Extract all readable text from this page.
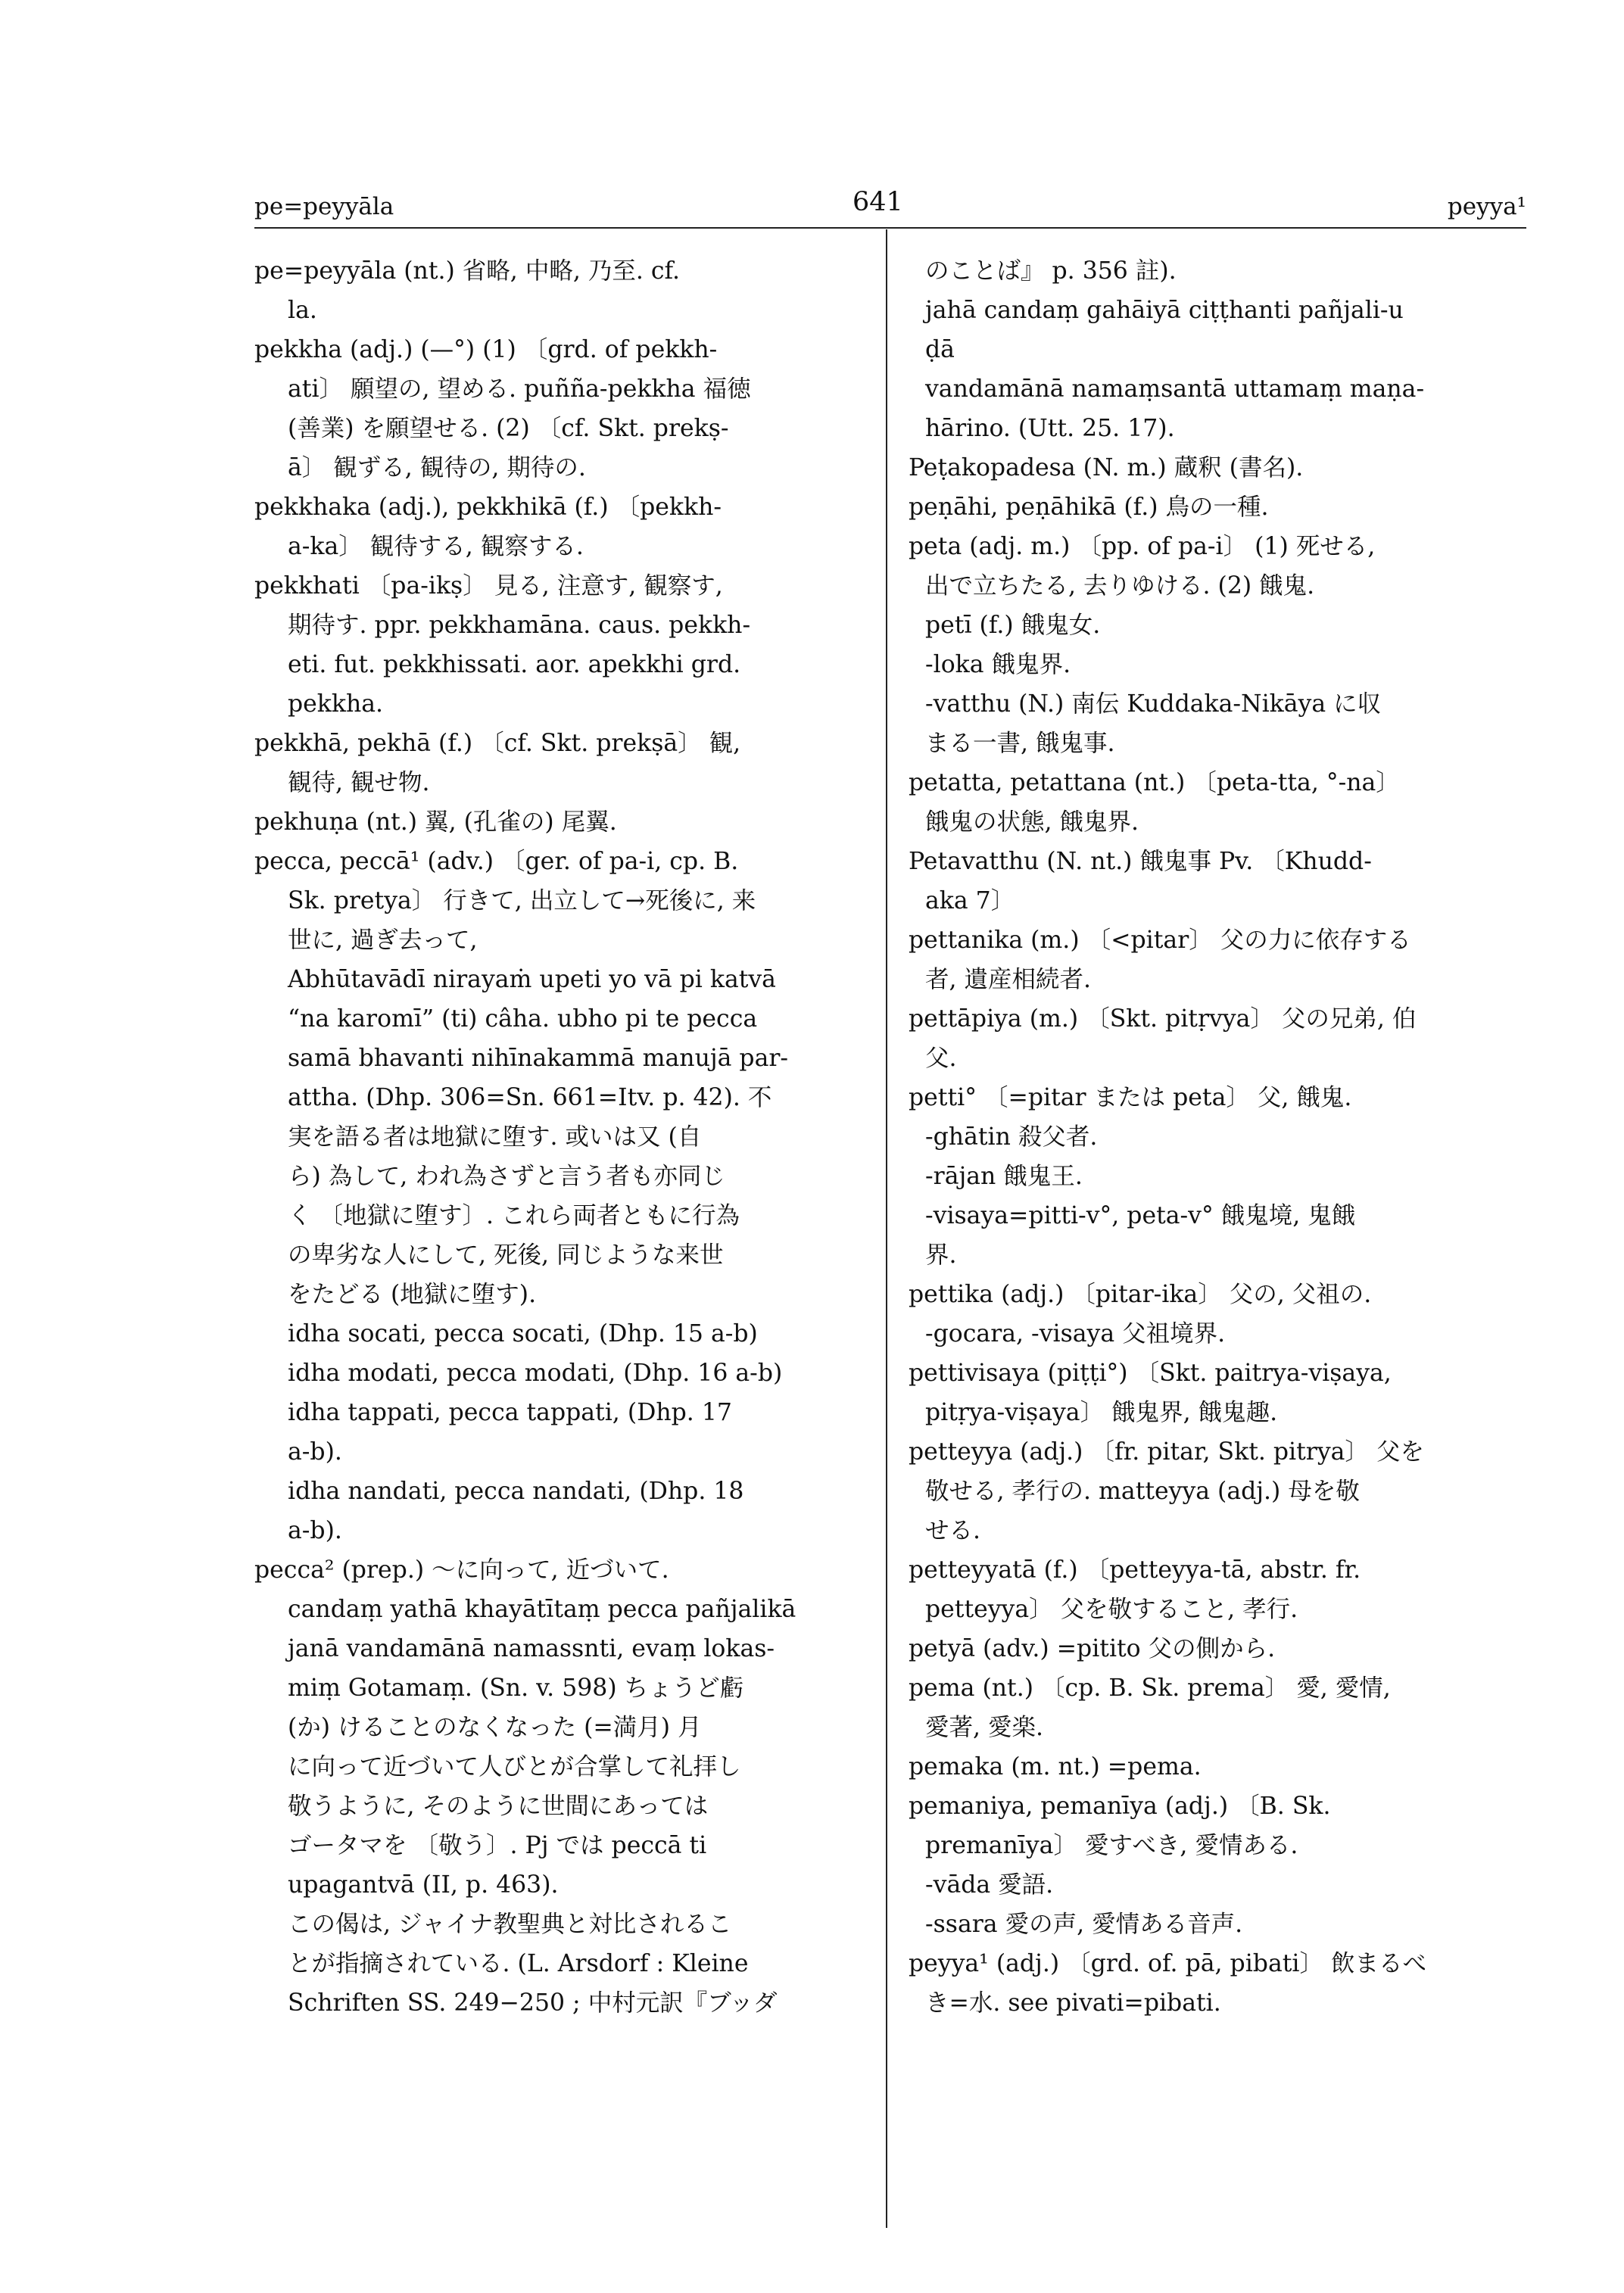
pe=peyyāla	641	peyya¹
pe=peyyāla (nt.) 省略, 中略, 乃至. cf.
la.
pekkha (adj.) (—°) (1) 〔grd. of pekkh-
ati〕 願望の, 望める. puñña-pekkha 福徳
(善業) を願望せる. (2) 〔cf. Skt. prekṣ-
ā〕 観ずる, 観待の, 期待の.
pekkhaka (adj.), pekkhikā (f.) 〔pekkh-
a-ka〕 観待する, 観察する.
pekkhati 〔pa-ikṣ〕 見る, 注意す, 観察す,
期待す. ppr. pekkhamāna. caus. pekkh-
eti. fut. pekkhissati. aor. apekkhi grd.
pekkha.
pekkhā, pekhā (f.) 〔cf. Skt. prekṣā〕 観,
観待, 観せ物.
pekhuṇa (nt.) 翼, (孔雀の) 尾翼.
pecca, peccā¹ (adv.) 〔ger. of pa-i, cp. B.
Sk. pretya〕 行きて, 出立して→死後に, 来
世に, 過ぎ去って,
Abhūtavādī nirayaṁ upeti yo vā pi katvā
“na karomī” (ti) câha. ubho pi te pecca
samā bhavanti nihīnakammā manujā par-
attha. (Dhp. 306=Sn. 661=Itv. p. 42). 不
実を語る者は地獄に堕す. 或いは又 (自
ら) 為して, われ為さずと言う者も亦同じ
く 〔地獄に堕す〕. これら両者ともに行為
の卑劣な人にして, 死後, 同じような来世
をたどる (地獄に堕す).
idha socati, pecca socati, (Dhp. 15 a-b)
idha modati, pecca modati, (Dhp. 16 a-b)
idha tappati, pecca tappati, (Dhp. 17
a-b).
idha nandati, pecca nandati, (Dhp. 18
a-b).
pecca² (prep.) ～に向って, 近づいて.
candaṃ yathā khayātītaṃ pecca pañjalikā
janā vandamānā namassnti, evaṃ lokas-
miṃ Gotamaṃ. (Sn. v. 598) ちょうど虧
(か) けることのなくなった (=満月) 月
に向って近づいて人びとが合掌して礼拝し
敬うように, そのように世間にあっては
ゴータマを 〔敬う〕. Pj では peccā ti
upagantvā (II, p. 463).
この偈は, ジャイナ教聖典と対比されるこ
とが指摘されている. (L. Arsdorf : Kleine
Schriften SS. 249−250 ; 中村元訳『ブッダ
のことば』 p. 356 註).
jahā candaṃ gahāiyā ciṭṭhanti pañjali-u
ḍā
vandamānā namaṃsantā uttamaṃ maṇa-
hārino. (Utt. 25. 17).
Peṭakopadesa (N. m.) 蔵釈 (書名).
peṇāhi, peṇāhikā (f.) 鳥の一種.
peta (adj. m.) 〔pp. of pa-i〕 (1) 死せる,
出で立ちたる, 去りゆける. (2) 餓鬼.
petī (f.) 餓鬼女.
-loka 餓鬼界.
-vatthu (N.) 南伝 Kuddaka-Nikāya に収
まる一書, 餓鬼事.
petatta, petattana (nt.) 〔peta-tta, °-na〕
餓鬼の状態, 餓鬼界.
Petavatthu (N. nt.) 餓鬼事 Pv. 〔Khudd-
aka 7〕
pettanika (m.) 〔<pitar〕 父の力に依存する
者, 遺産相続者.
pettāpiya (m.) 〔Skt. pitṛvya〕 父の兄弟, 伯
父.
petti° 〔=pitar または peta〕 父, 餓鬼.
-ghātin 殺父者.
-rājan 餓鬼王.
-visaya=pitti-v°, peta-v° 餓鬼境, 鬼餓
界.
pettika (adj.) 〔pitar-ika〕 父の, 父祖の.
-gocara, -visaya 父祖境界.
pettivisaya (piṭṭi°) 〔Skt. paitrya-viṣaya,
pitṛya-viṣaya〕 餓鬼界, 餓鬼趣.
petteyya (adj.) 〔fr. pitar, Skt. pitrya〕 父を
敬せる, 孝行の. matteyya (adj.) 母を敬
せる.
petteyyatā (f.) 〔petteyya-tā, abstr. fr.
petteyya〕 父を敬すること, 孝行.
petyā (adv.) =pitito 父の側から.
pema (nt.) 〔cp. B. Sk. prema〕 愛, 愛情,
愛著, 愛楽.
pemaka (m. nt.) =pema.
pemaniya, pemanīya (adj.) 〔B. Sk.
premanīya〕 愛すべき, 愛情ある.
-vāda 愛語.
-ssara 愛の声, 愛情ある音声.
peyya¹ (adj.) 〔grd. of. pā, pibati〕 飲まるべ
き=水. see pivati=pibati.
